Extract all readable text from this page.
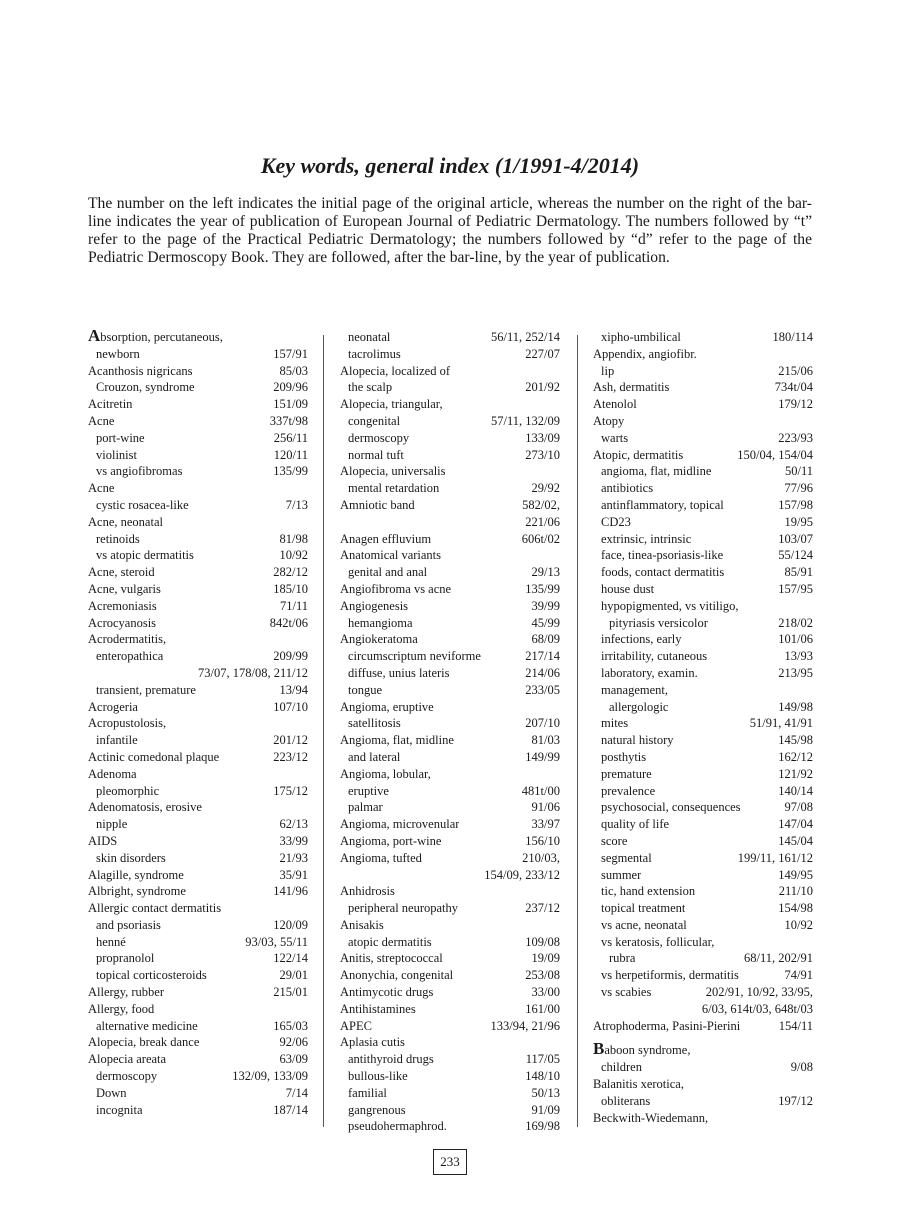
Key words, general index (1/1991-4/2014)

The number on the left indicates the initial page of the original article, whereas the number on the right of the bar-line indicates the year of publication of European Journal of Pediatric Dermatology. The numbers followed by “t” refer to the page of the Practical Pediatric Dermatology; the numbers followed by “d” refer to the page of the Pediatric Dermoscopy Book. They are followed, after the bar-line, by the year of publication.

Absorption, percutaneous,
newborn	157/91
Acanthosis nigricans	85/03
Crouzon, syndrome	209/96
Acitretin	151/09
Acne	337t/98
port-wine	256/11
violinist	120/11
vs angiofibromas	135/99
Acne
cystic rosacea-like	7/13
Acne, neonatal
retinoids	81/98
vs atopic dermatitis	10/92
Acne, steroid	282/12
Acne, vulgaris	185/10
Acremoniasis	71/11
Acrocyanosis	842t/06
Acrodermatitis,
enteropathica	209/99
73/07, 178/08, 211/12
transient, premature	13/94
Acrogeria	107/10
Acropustolosis,
infantile	201/12
Actinic comedonal plaque	223/12
Adenoma
pleomorphic	175/12
Adenomatosis, erosive
nipple	62/13
AIDS	33/99
skin disorders	21/93
Alagille, syndrome	35/91
Albright, syndrome	141/96
Allergic contact dermatitis
and psoriasis	120/09
henné	93/03, 55/11
propranolol	122/14
topical corticosteroids	29/01
Allergy, rubber	215/01
Allergy, food
alternative medicine	165/03
Alopecia, break dance	92/06
Alopecia areata	63/09
dermoscopy	132/09, 133/09
Down	7/14
incognita	187/14
neonatal	56/11, 252/14
tacrolimus	227/07
Alopecia, localized of
the scalp	201/92
Alopecia, triangular,
congenital	57/11, 132/09
dermoscopy	133/09
normal tuft	273/10
Alopecia, universalis
mental retardation	29/92
Amniotic band	582/02,
221/06
Anagen effluvium	606t/02
Anatomical variants
genital and anal	29/13
Angiofibroma vs acne	135/99
Angiogenesis	39/99
hemangioma	45/99
Angiokeratoma	68/09
circumscriptum neviforme	217/14
diffuse, unius lateris	214/06
tongue	233/05
Angioma, eruptive
satellitosis	207/10
Angioma, flat, midline	81/03
and lateral	149/99
Angioma, lobular,
eruptive	481t/00
palmar	91/06
Angioma, microvenular	33/97
Angioma, port-wine	156/10
Angioma, tufted	210/03,
154/09, 233/12
Anhidrosis
peripheral neuropathy	237/12
Anisakis
atopic dermatitis	109/08
Anitis, streptococcal	19/09
Anonychia, congenital	253/08
Antimycotic drugs	33/00
Antihistamines	161/00
APEC	133/94, 21/96
Aplasia cutis
antithyroid drugs	117/05
bullous-like	148/10
familial	50/13
gangrenous	91/09
pseudohermaphrod.	169/98
xipho-umbilical	180/114
Appendix, angiofibr.
lip	215/06
Ash, dermatitis	734t/04
Atenolol	179/12
Atopy
warts	223/93
Atopic, dermatitis	150/04, 154/04
angioma, flat, midline	50/11
antibiotics	77/96
antinflammatory, topical	157/98
CD23	19/95
extrinsic, intrinsic	103/07
face, tinea-psoriasis-like	55/124
foods, contact dermatitis	85/91
house dust	157/95
hypopigmented, vs vitiligo,
pityriasis versicolor	218/02
infections, early	101/06
irritability, cutaneous	13/93
laboratory, examin.	213/95
management,
allergologic	149/98
mites	51/91, 41/91
natural history	145/98
posthytis	162/12
premature	121/92
prevalence	140/14
psychosocial, consequences	97/08
quality of life	147/04
score	145/04
segmental	199/11, 161/12
summer	149/95
tic, hand extension	211/10
topical treatment	154/98
vs acne, neonatal	10/92
vs keratosis, follicular,
rubra	68/11, 202/91
vs herpetiformis, dermatitis	74/91
vs scabies	202/91, 10/92, 33/95,
6/03, 614t/03, 648t/03
Atrophoderma, Pasini-Pierini	154/11
Baboon syndrome,
children	9/08
Balanitis xerotica,
obliterans	197/12
Beckwith-Wiedemann,
233
